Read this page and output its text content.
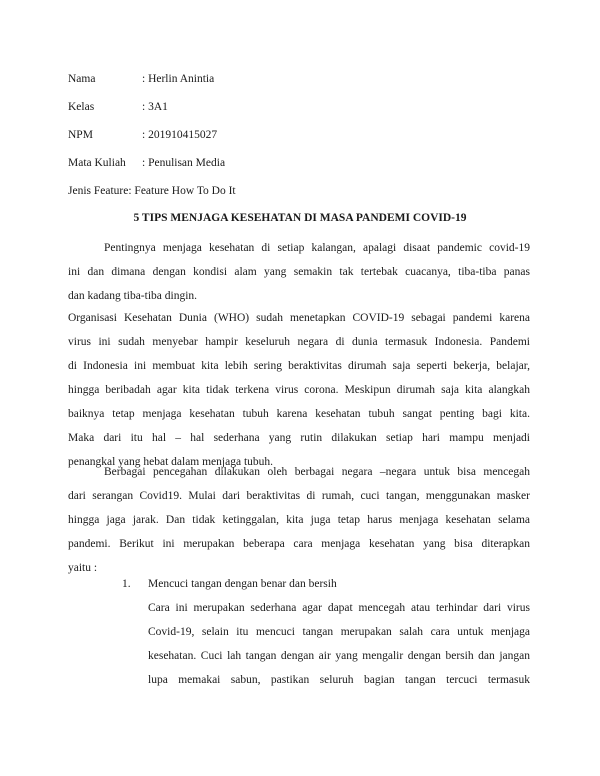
Nama	: Herlin Anintia
Kelas	: 3A1
NPM	: 201910415027
Mata Kuliah : Penulisan Media
Jenis Feature: Feature How To Do It
5 TIPS MENJAGA KESEHATAN DI MASA PANDEMI COVID-19
Pentingnya menjaga kesehatan di setiap kalangan, apalagi disaat pandemic covid-19
ini dan dimana dengan kondisi alam yang semakin tak tertebak cuacanya, tiba-tiba panas
dan kadang tiba-tiba dingin.
Organisasi Kesehatan Dunia (WHO) sudah menetapkan COVID-19 sebagai pandemi karena
virus ini sudah menyebar hampir keseluruh negara di dunia termasuk Indonesia. Pandemi
di Indonesia ini membuat kita lebih sering beraktivitas dirumah saja seperti bekerja, belajar,
hingga beribadah agar kita tidak terkena virus corona. Meskipun dirumah saja kita alangkah
baiknya tetap menjaga kesehatan tubuh karena kesehatan tubuh sangat penting bagi kita.
Maka dari itu hal – hal sederhana yang rutin dilakukan setiap hari mampu menjadi
penangkal yang hebat dalam menjaga tubuh.
Berbagai pencegahan dilakukan oleh berbagai negara –negara untuk bisa mencegah
dari serangan Covid19. Mulai dari beraktivitas di rumah, cuci tangan, menggunakan masker
hingga jaga jarak. Dan tidak ketinggalan, kita juga tetap harus menjaga kesehatan selama
pandemi. Berikut ini merupakan beberapa cara menjaga kesehatan yang bisa diterapkan
yaitu :
1. Mencuci tangan dengan benar dan bersih
Cara ini merupakan sederhana agar dapat mencegah atau terhindar dari virus
Covid-19, selain itu mencuci tangan merupakan salah cara untuk menjaga
kesehatan. Cuci lah tangan dengan air yang mengalir dengan bersih dan jangan
lupa memakai sabun, pastikan seluruh bagian tangan tercuci termasuk
